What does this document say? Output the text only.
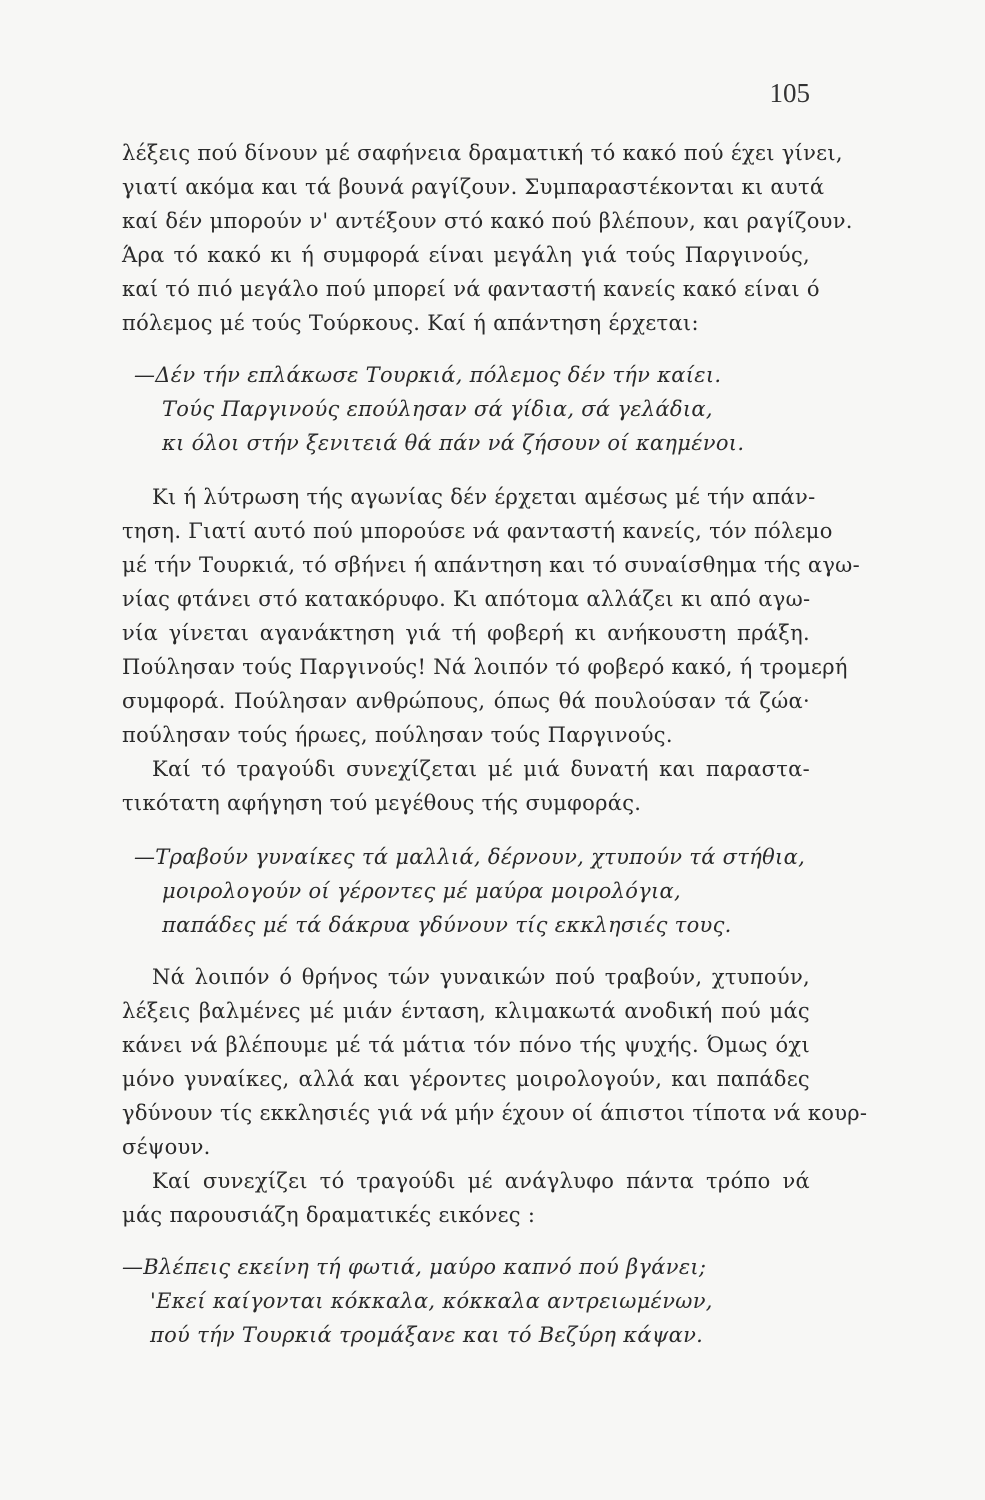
105
λέξεις πού δίνουν μέ σαφήνεια δραματική τό κακό πού έχει γίνει,
γιατί ακόμα και τά βουνά ραγίζουν. Συμπαραστέκονται κι αυτά
καί δέν μπορούν ν' αντέξουν στό κακό πού βλέπουν, και ραγίζουν.
Άρα τό κακό κι ή συμφορά είναι μεγάλη γιά τούς Παργινούς,
καί τό πιό μεγάλο πού μπορεί νά φανταστή κανείς κακό είναι ό
πόλεμος μέ τούς Τούρκους. Καί ή απάντηση έρχεται:
—Δέν τήν επλάκωσε Τουρκιά, πόλεμος δέν τήν καίει.
Τούς Παργινούς επούλησαν σά γίδια, σά γελάδια,
κι όλοι στήν ξενιτειά θά πάν νά ζήσουν οί καημένοι.
Κι ή λύτρωση τής αγωνίας δέν έρχεται αμέσως μέ τήν απάν-
τηση. Γιατί αυτό πού μπορούσε νά φανταστή κανείς, τόν πόλεμο
μέ τήν Τουρκιά, τό σβήνει ή απάντηση και τό συναίσθημα τής αγω-
νίας φτάνει στό κατακόρυφο. Κι απότομα αλλάζει κι από αγω-
νία γίνεται αγανάκτηση γιά τή φοβερή κι ανήκουστη πράξη.
Πούλησαν τούς Παργινούς! Νά λοιπόν τό φοβερό κακό, ή τρομερή
συμφορά. Πούλησαν ανθρώπους, όπως θά πουλούσαν τά ζώα·
πούλησαν τούς ήρωες, πούλησαν τούς Παργινούς.
Καί τό τραγούδι συνεχίζεται μέ μιά δυνατή και παραστα-
τικότατη αφήγηση τού μεγέθους τής συμφοράς.
—Τραβούν γυναίκες τά μαλλιά, δέρνουν, χτυπούν τά στήθια,
μοιρολογούν οί γέροντες μέ μαύρα μοιρολόγια,
παπάδες μέ τά δάκρυα γδύνουν τίς εκκλησιές τους.
Νά λοιπόν ό θρήνος τών γυναικών πού τραβούν, χτυπούν,
λέξεις βαλμένες μέ μιάν ένταση, κλιμακωτά ανοδική πού μάς
κάνει νά βλέπουμε μέ τά μάτια τόν πόνο τής ψυχής. Όμως όχι
μόνο γυναίκες, αλλά και γέροντες μοιρολογούν, και παπάδες
γδύνουν τίς εκκλησιές γιά νά μήν έχουν οί άπιστοι τίποτα νά κουρ-
σέψουν.
Καί συνεχίζει τό τραγούδι μέ ανάγλυφο πάντα τρόπο νά
μάς παρουσιάζη δραματικές εικόνες :
—Βλέπεις εκείνη τή φωτιά, μαύρο καπνό πού βγάνει;
'Εκεί καίγονται κόκκαλα, κόκκαλα αντρειωμένων,
πού τήν Τουρκιά τρομάξανε και τό Βεζύρη κάψαν.
